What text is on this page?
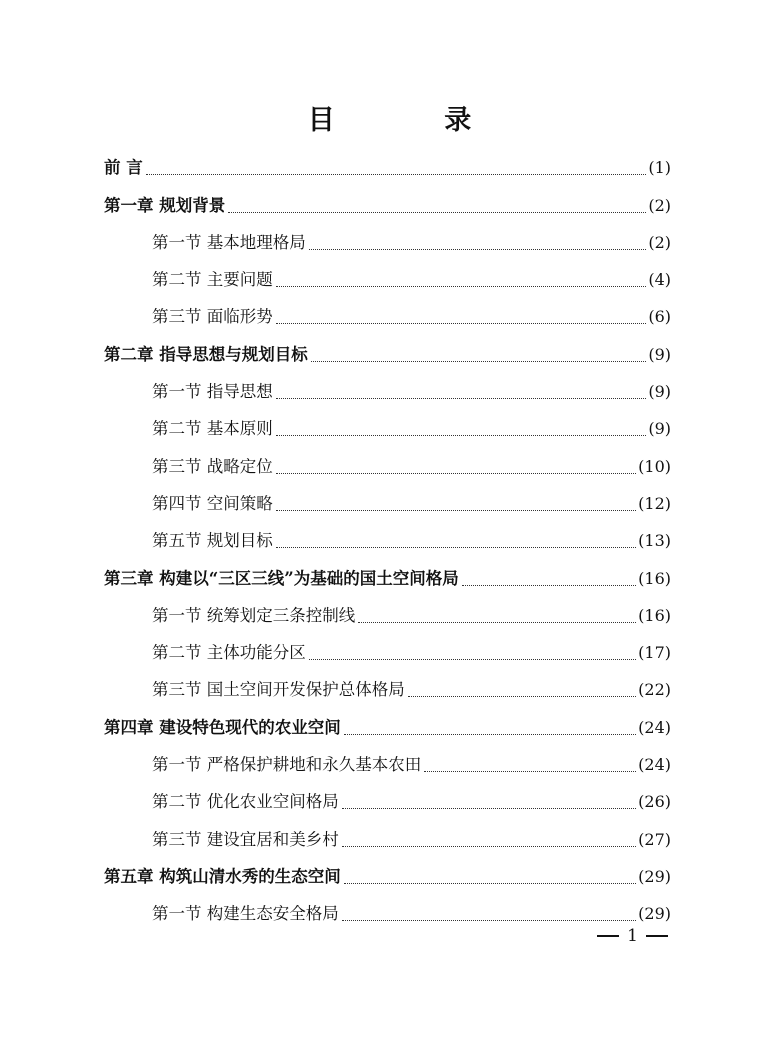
目 录
前 言	(1)
第一章 规划背景	(2)
第一节 基本地理格局	(2)
第二节 主要问题	(4)
第三节 面临形势	(6)
第二章 指导思想与规划目标	(9)
第一节 指导思想	(9)
第二节 基本原则	(9)
第三节 战略定位	(10)
第四节 空间策略	(12)
第五节 规划目标	(13)
第三章 构建以“三区三线”为基础的国土空间格局	(16)
第一节 统筹划定三条控制线	(16)
第二节 主体功能分区	(17)
第三节 国土空间开发保护总体格局	(22)
第四章 建设特色现代的农业空间	(24)
第一节 严格保护耕地和永久基本农田	(24)
第二节 优化农业空间格局	(26)
第三节 建设宜居和美乡村	(27)
第五章 构筑山清水秀的生态空间	(29)
第一节 构建生态安全格局	(29)
1
